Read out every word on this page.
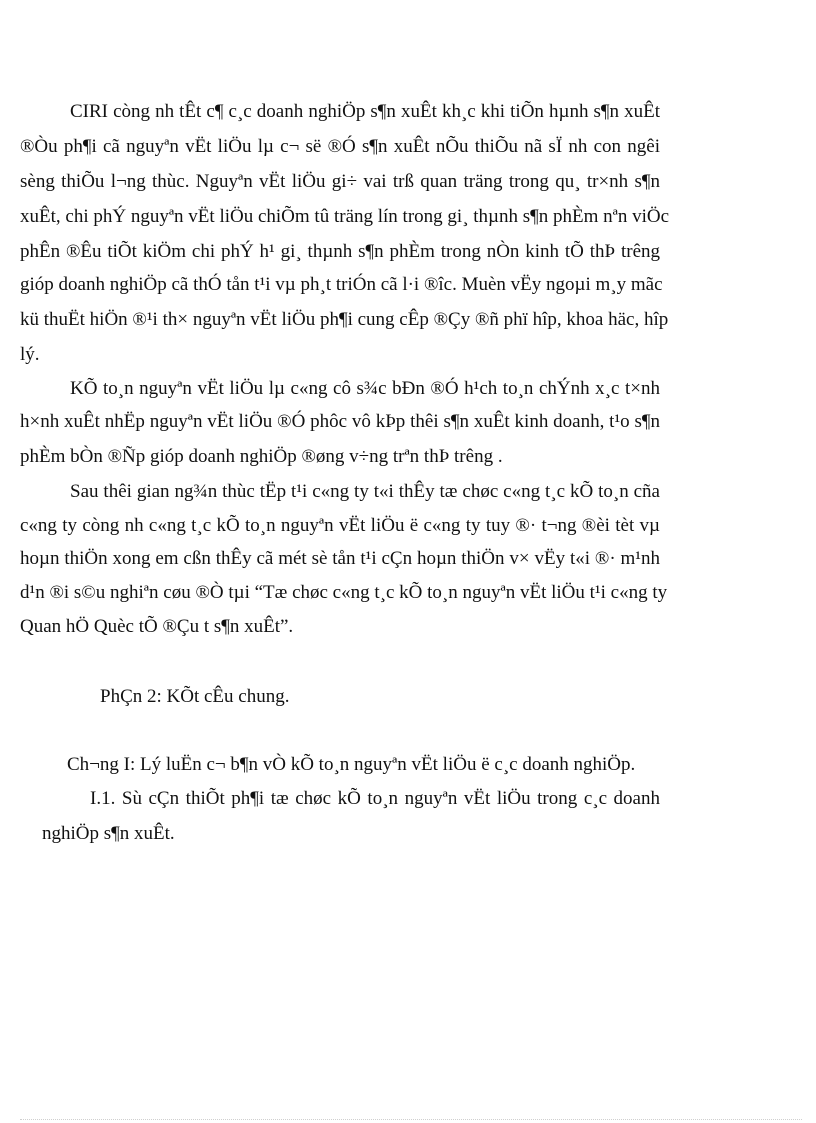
CIRI còng nh tÊt c¶ c¸c doanh nghiÖp s¶n xuÊt kh¸c khi tiÕn hµnh s¶n xuÊt
®Òu ph¶i cã nguyªn vËt liÖu lµ c¬ së ®Ó s¶n xuÊt nÕu thiÕu nã sÏ nh con ngêi
sèng thiÕu l¬ng thùc. Nguyªn vËt liÖu gi÷ vai trß quan träng trong qu¸ tr×nh s¶n
xuÊt, chi phÝ nguyªn vËt liÖu chiÕm tû träng lín trong gi¸ thµnh s¶n phÈm nªn viÖc
phÊn ®Êu tiÕt kiÖm chi phÝ h¹ gi¸ thµnh s¶n phÈm trong nÒn kinh tÕ thÞ trêng
gióp doanh nghiÖp cã thÓ tån t¹i vµ ph¸t triÓn cã l·i ®îc. Muèn vËy ngoµi m¸y mãc
kü thuËt hiÖn ®¹i th× nguyªn vËt liÖu ph¶i cung cÊp ®Çy ®ñ phï hîp, khoa häc, hîp
lý.
KÕ to¸n nguyªn vËt liÖu lµ c«ng cô s¾c bÐn ®Ó h¹ch to¸n chÝnh x¸c t×nh
h×nh xuÊt nhËp nguyªn vËt liÖu ®Ó phôc vô kÞp thêi s¶n xuÊt kinh doanh, t¹o s¶n
phÈm bÒn ®Ñp gióp doanh nghiÖp ®øng v÷ng trªn thÞ trêng .
Sau thêi gian ng¾n thùc tËp t¹i c«ng ty t«i thÊy tæ chøc c«ng t¸c kÕ to¸n cña
c«ng ty còng nh c«ng t¸c kÕ to¸n nguyªn vËt liÖu ë c«ng ty tuy ®· t¬ng ®èi tèt vµ
hoµn thiÖn xong em cßn thÊy cã mét sè tån t¹i cÇn hoµn thiÖn v× vËy t«i ®· m¹nh
d¹n ®i s©u nghiªn cøu ®Ò tµi “Tæ chøc c«ng t¸c kÕ to¸n nguyªn vËt liÖu t¹i c«ng ty
Quan hÖ Quèc tÕ ®Çu t s¶n xuÊt”.
PhÇn 2: KÕt cÊu chung.
Ch¬ng I: Lý luËn c¬ b¶n vÒ kÕ to¸n nguyªn vËt liÖu ë c¸c doanh nghiÖp.
I.1. Sù cÇn thiÕt ph¶i tæ chøc kÕ to¸n nguyªn vËt liÖu trong c¸c doanh
nghiÖp s¶n xuÊt.
